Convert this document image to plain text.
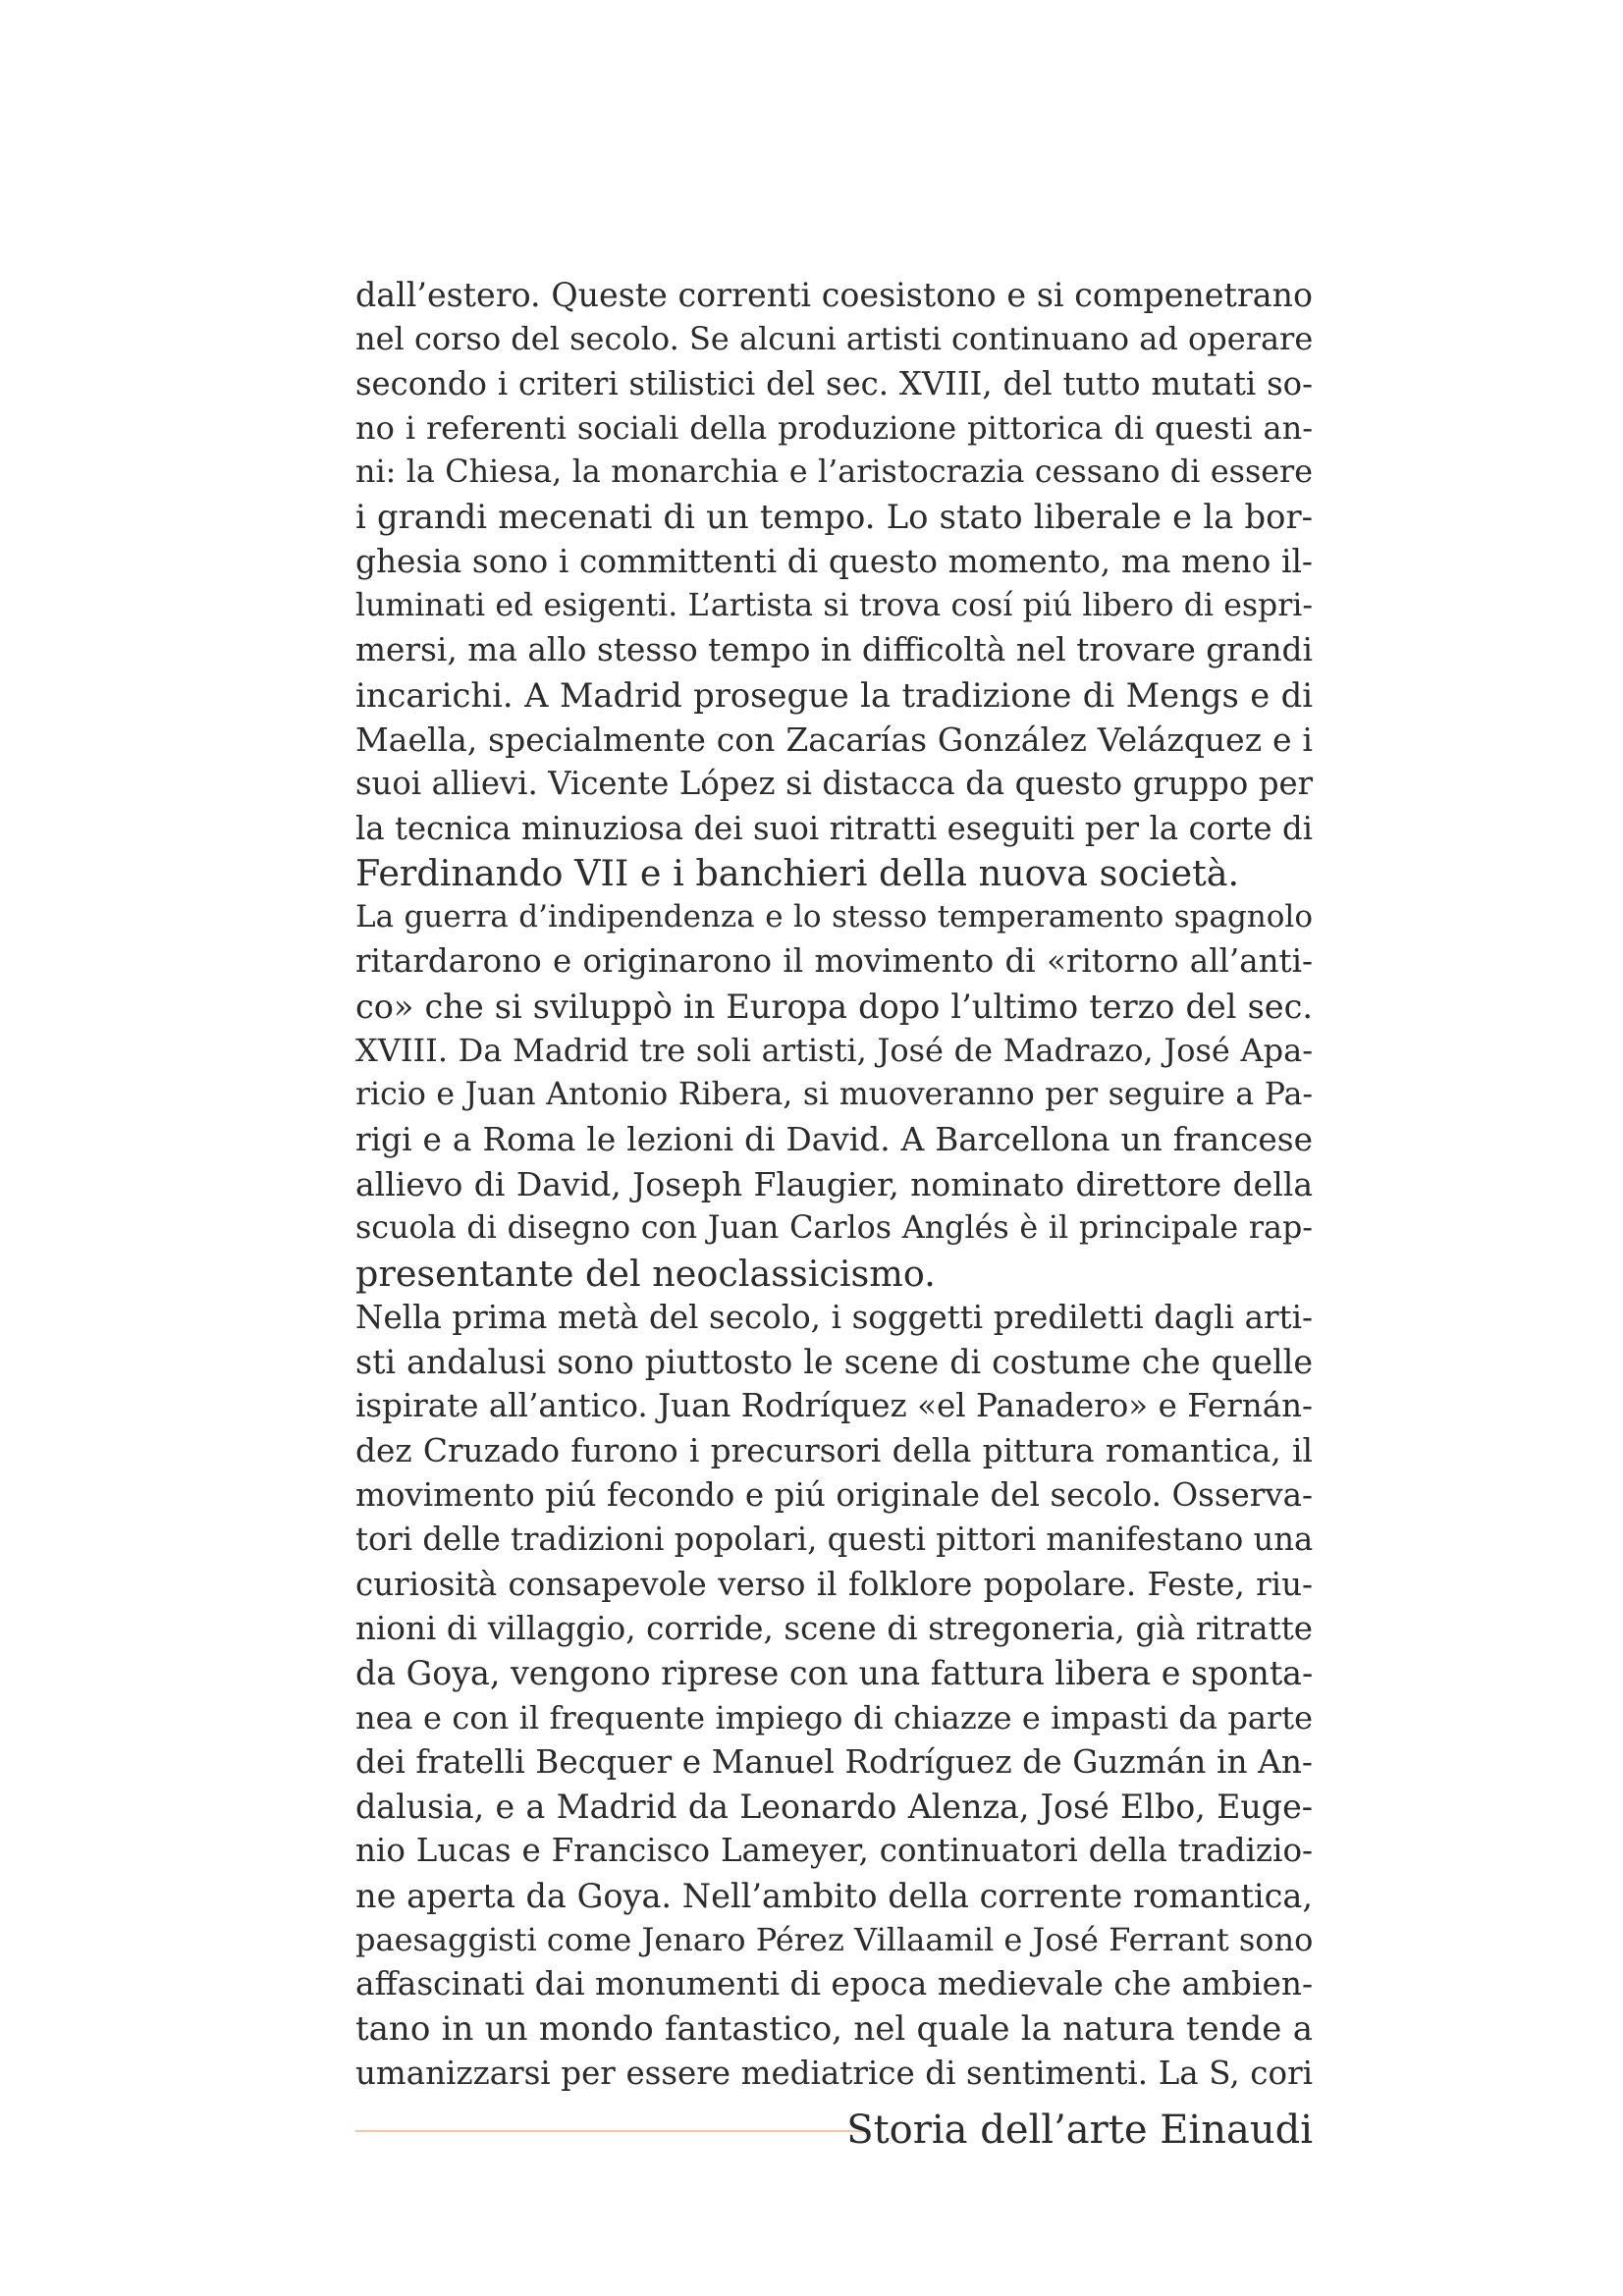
dall’estero. Queste correnti coesistono e si compenetrano
nel corso del secolo. Se alcuni artisti continuano ad operare
secondo i criteri stilistici del sec. XVIII, del tutto mutati so-
no i referenti sociali della produzione pittorica di questi an-
ni: la Chiesa, la monarchia e l’aristocrazia cessano di essere
i grandi mecenati di un tempo. Lo stato liberale e la bor-
ghesia sono i committenti di questo momento, ma meno il-
luminati ed esigenti. L’artista si trova cosí piú libero di espri-
mersi, ma allo stesso tempo in difficoltà nel trovare grandi
incarichi. A Madrid prosegue la tradizione di Mengs e di
Maella, specialmente con Zacarías González Velázquez e i
suoi allievi. Vicente López si distacca da questo gruppo per
la tecnica minuziosa dei suoi ritratti eseguiti per la corte di
Ferdinando VII e i banchieri della nuova società.
La guerra d’indipendenza e lo stesso temperamento spagnolo
ritardarono e originarono il movimento di «ritorno all’anti-
co» che si sviluppò in Europa dopo l’ultimo terzo del sec.
XVIII. Da Madrid tre soli artisti, José de Madrazo, José Apa-
ricio e Juan Antonio Ribera, si muoveranno per seguire a Pa-
rigi e a Roma le lezioni di David. A Barcellona un francese
allievo di David, Joseph Flaugier, nominato direttore della
scuola di disegno con Juan Carlos Anglés è il principale rap-
presentante del neoclassicismo.
Nella prima metà del secolo, i soggetti prediletti dagli arti-
sti andalusi sono piuttosto le scene di costume che quelle
ispirate all’antico. Juan Rodríquez «el Panadero» e Fernán-
dez Cruzado furono i precursori della pittura romantica, il
movimento piú fecondo e piú originale del secolo. Osserva-
tori delle tradizioni popolari, questi pittori manifestano una
curiosità consapevole verso il folklore popolare. Feste, riu-
nioni di villaggio, corride, scene di stregoneria, già ritratte
da Goya, vengono riprese con una fattura libera e sponta-
nea e con il frequente impiego di chiazze e impasti da parte
dei fratelli Becquer e Manuel Rodríguez de Guzmán in An-
dalusia, e a Madrid da Leonardo Alenza, José Elbo, Euge-
nio Lucas e Francisco Lameyer, continuatori della tradizio-
ne aperta da Goya. Nell’ambito della corrente romantica,
paesaggisti come Jenaro Pérez Villaamil e José Ferrant sono
affascinati dai monumenti di epoca medievale che ambien-
tano in un mondo fantastico, nel quale la natura tende a
umanizzarsi per essere mediatrice di sentimenti. La S, cori
Storia dell’arte Einaudi
